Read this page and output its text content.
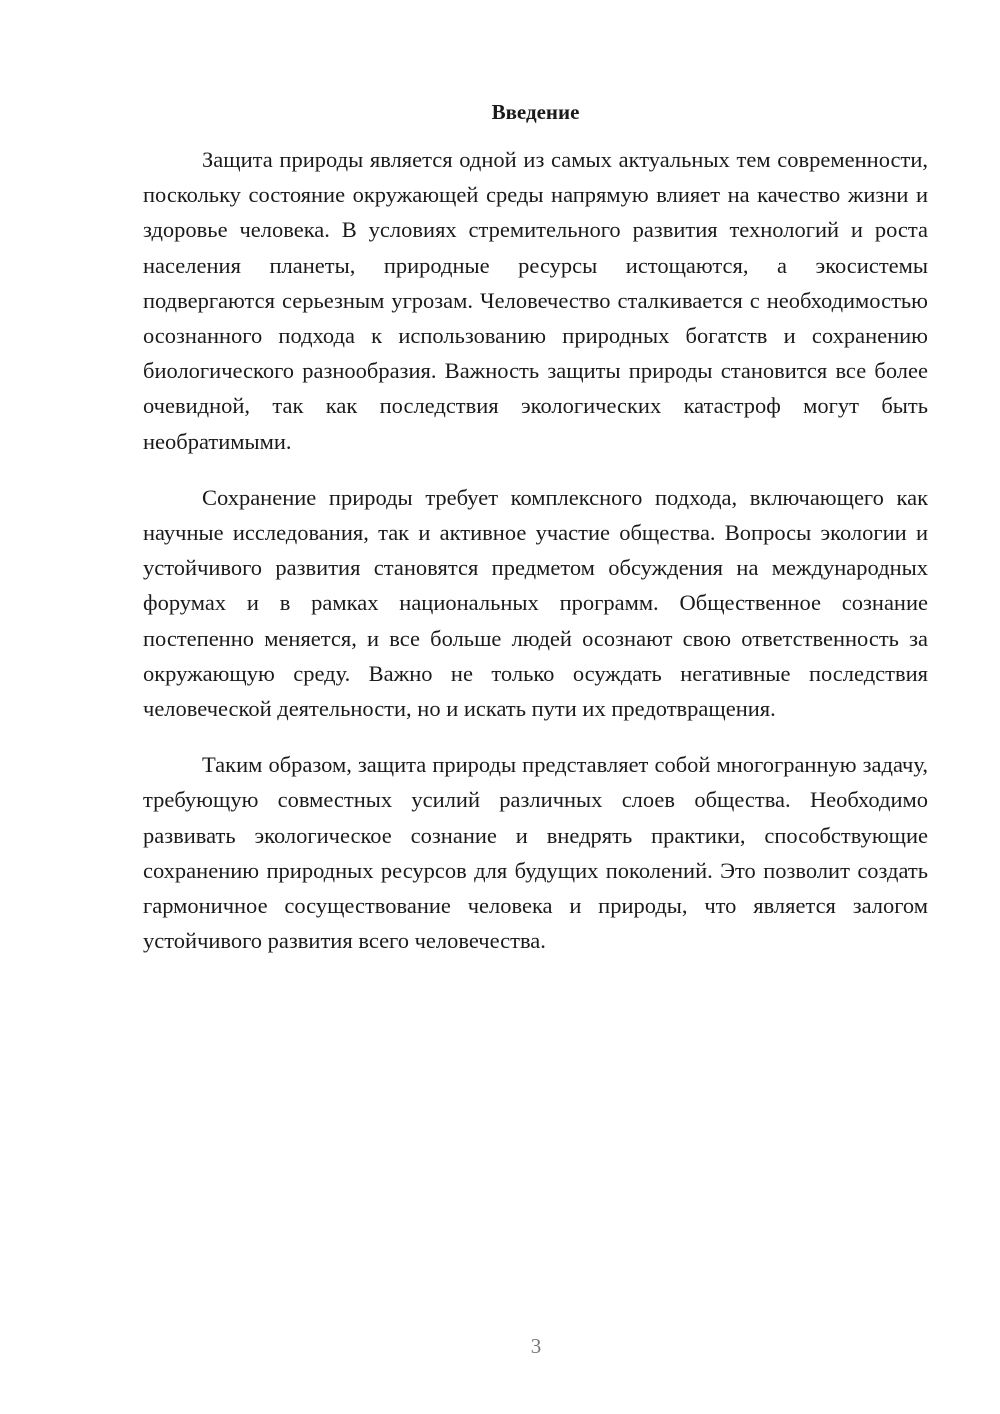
Введение

Защита природы является одной из самых актуальных тем современности, поскольку состояние окружающей среды напрямую влияет на качество жизни и здоровье человека. В условиях стремительного развития технологий и роста населения планеты, природные ресурсы истощаются, а экосистемы подвергаются серьезным угрозам. Человечество сталкивается с необходимостью осознанного подхода к использованию природных богатств и сохранению биологического разнообразия. Важность защиты природы становится все более очевидной, так как последствия экологических катастроф могут быть необратимыми.

Сохранение природы требует комплексного подхода, включающего как научные исследования, так и активное участие общества. Вопросы экологии и устойчивого развития становятся предметом обсуждения на международных форумах и в рамках национальных программ. Общественное сознание постепенно меняется, и все больше людей осознают свою ответственность за окружающую среду. Важно не только осуждать негативные последствия человеческой деятельности, но и искать пути их предотвращения.

Таким образом, защита природы представляет собой многогранную задачу, требующую совместных усилий различных слоев общества. Необходимо развивать экологическое сознание и внедрять практики, способствующие сохранению природных ресурсов для будущих поколений. Это позволит создать гармоничное сосуществование человека и природы, что является залогом устойчивого развития всего человечества.

3
